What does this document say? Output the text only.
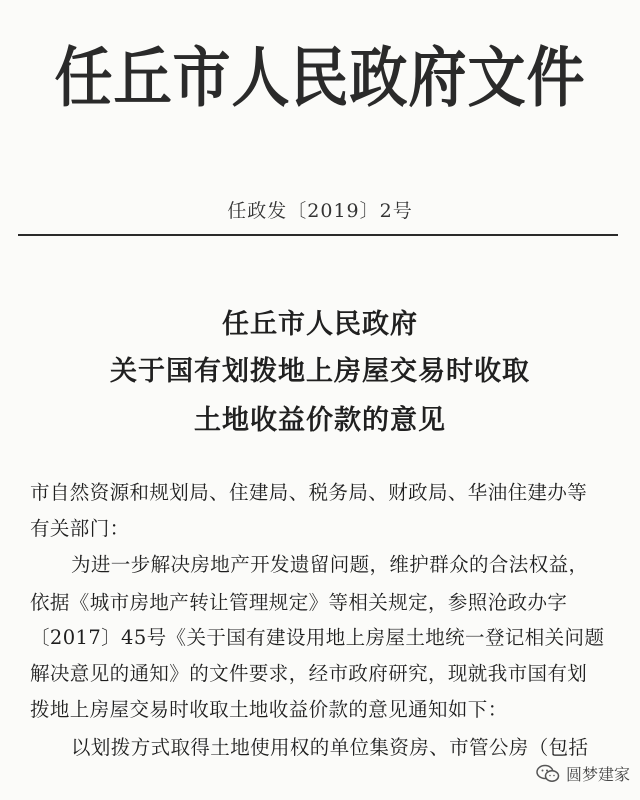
任丘市人民政府文件
任政发〔2019〕2号
任丘市人民政府
关于国有划拨地上房屋交易时收取
土地收益价款的意见
市自然资源和规划局、住建局、税务局、财政局、华油住建办等
有关部门：
为进一步解决房地产开发遗留问题，维护群众的合法权益，
依据《城市房地产转让管理规定》等相关规定，参照沧政办字
〔2017〕45号《关于国有建设用地上房屋土地统一登记相关问题
解决意见的通知》的文件要求，经市政府研究，现就我市国有划
拨地上房屋交易时收取土地收益价款的意见通知如下：
以划拨方式取得土地使用权的单位集资房、市管公房（包括
圆梦建家
